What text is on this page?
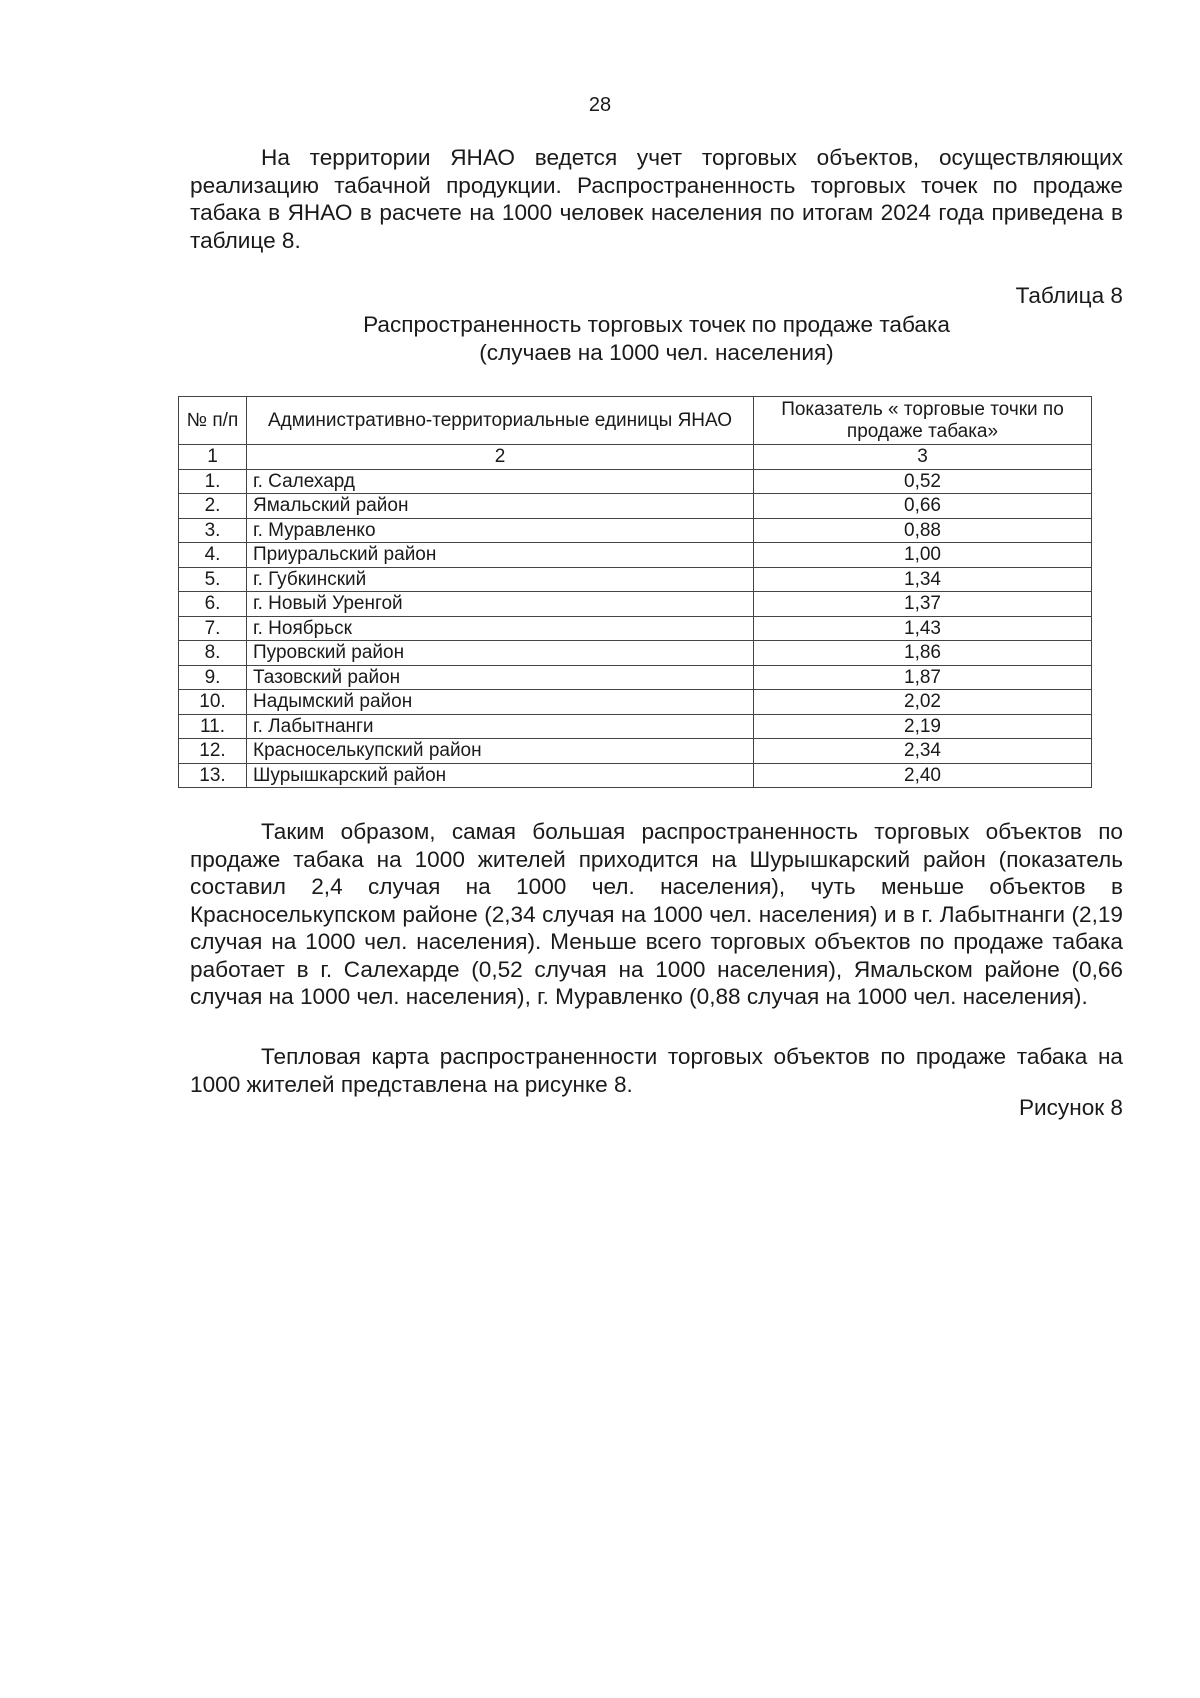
28

На территории ЯНАО ведется учет торговых объектов, осуществляющих реализацию табачной продукции. Распространенность торговых точек по продаже табака в ЯНАО в расчете на 1000 человек населения по итогам 2024 года приведена в таблице 8.

Таблица 8
Распространенность торговых точек по продаже табака
(случаев на 1000 чел. населения)
№ п/п	Административно-территориальные единицы ЯНАО	Показатель « торговые точки по продаже табака»
1	2	3
1.	г. Салехард	0,52
2.	Ямальский район	0,66
3.	г. Муравленко	0,88
4.	Приуральский район	1,00
5.	г. Губкинский	1,34
6.	г. Новый Уренгой	1,37
7.	г. Ноябрьск	1,43
8.	Пуровский район	1,86
9.	Тазовский район	1,87
10.	Надымский район	2,02
11.	г. Лабытнанги	2,19
12.	Красноселькупский район	2,34
13.	Шурышкарский район	2,40

Таким образом, самая большая распространенность торговых объектов по продаже табака на 1000 жителей приходится на Шурышкарский район (показатель составил 2,4 случая на 1000 чел. населения), чуть меньше объектов в Красноселькупском районе (2,34 случая на 1000 чел. населения) и в г. Лабытнанги (2,19 случая на 1000 чел. населения). Меньше всего торговых объектов по продаже табака работает в г. Салехарде (0,52 случая на 1000 населения), Ямальском районе (0,66 случая на 1000 чел. населения), г. Муравленко (0,88 случая на 1000 чел. населения).

Тепловая карта распространенности торговых объектов по продаже табака на 1000 жителей представлена на рисунке 8.

Рисунок 8
